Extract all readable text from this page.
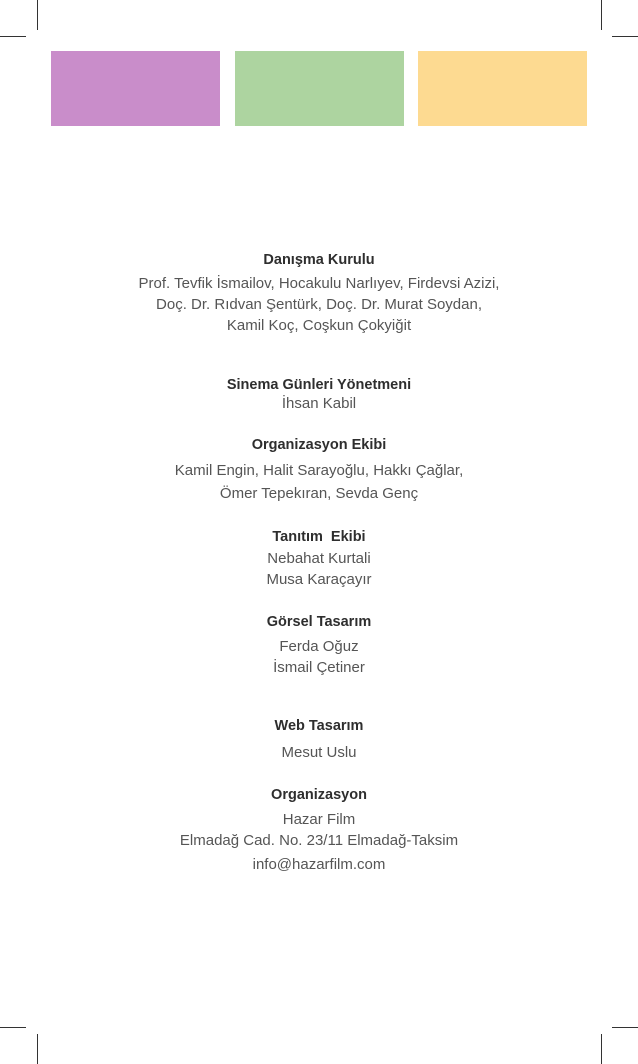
Danışma Kurulu
Prof. Tevfik İsmailov, Hocakulu Narlıyev, Firdevsi Azizi,
Doç. Dr. Rıdvan Şentürk, Doç. Dr. Murat Soydan,
Kamil Koç, Coşkun Çokyiğit
Sinema Günleri Yönetmeni
İhsan Kabil
Organizasyon Ekibi
Kamil Engin, Halit Sarayoğlu, Hakkı Çağlar,
Ömer Tepekıran, Sevda Genç
Tanıtım  Ekibi
Nebahat Kurtali
Musa Karaçayır
Görsel Tasarım
Ferda Oğuz
İsmail Çetiner
Web Tasarım
Mesut Uslu
Organizasyon
Hazar Film
Elmadağ Cad. No. 23/11 Elmadağ-Taksim
info@hazarfilm.com
